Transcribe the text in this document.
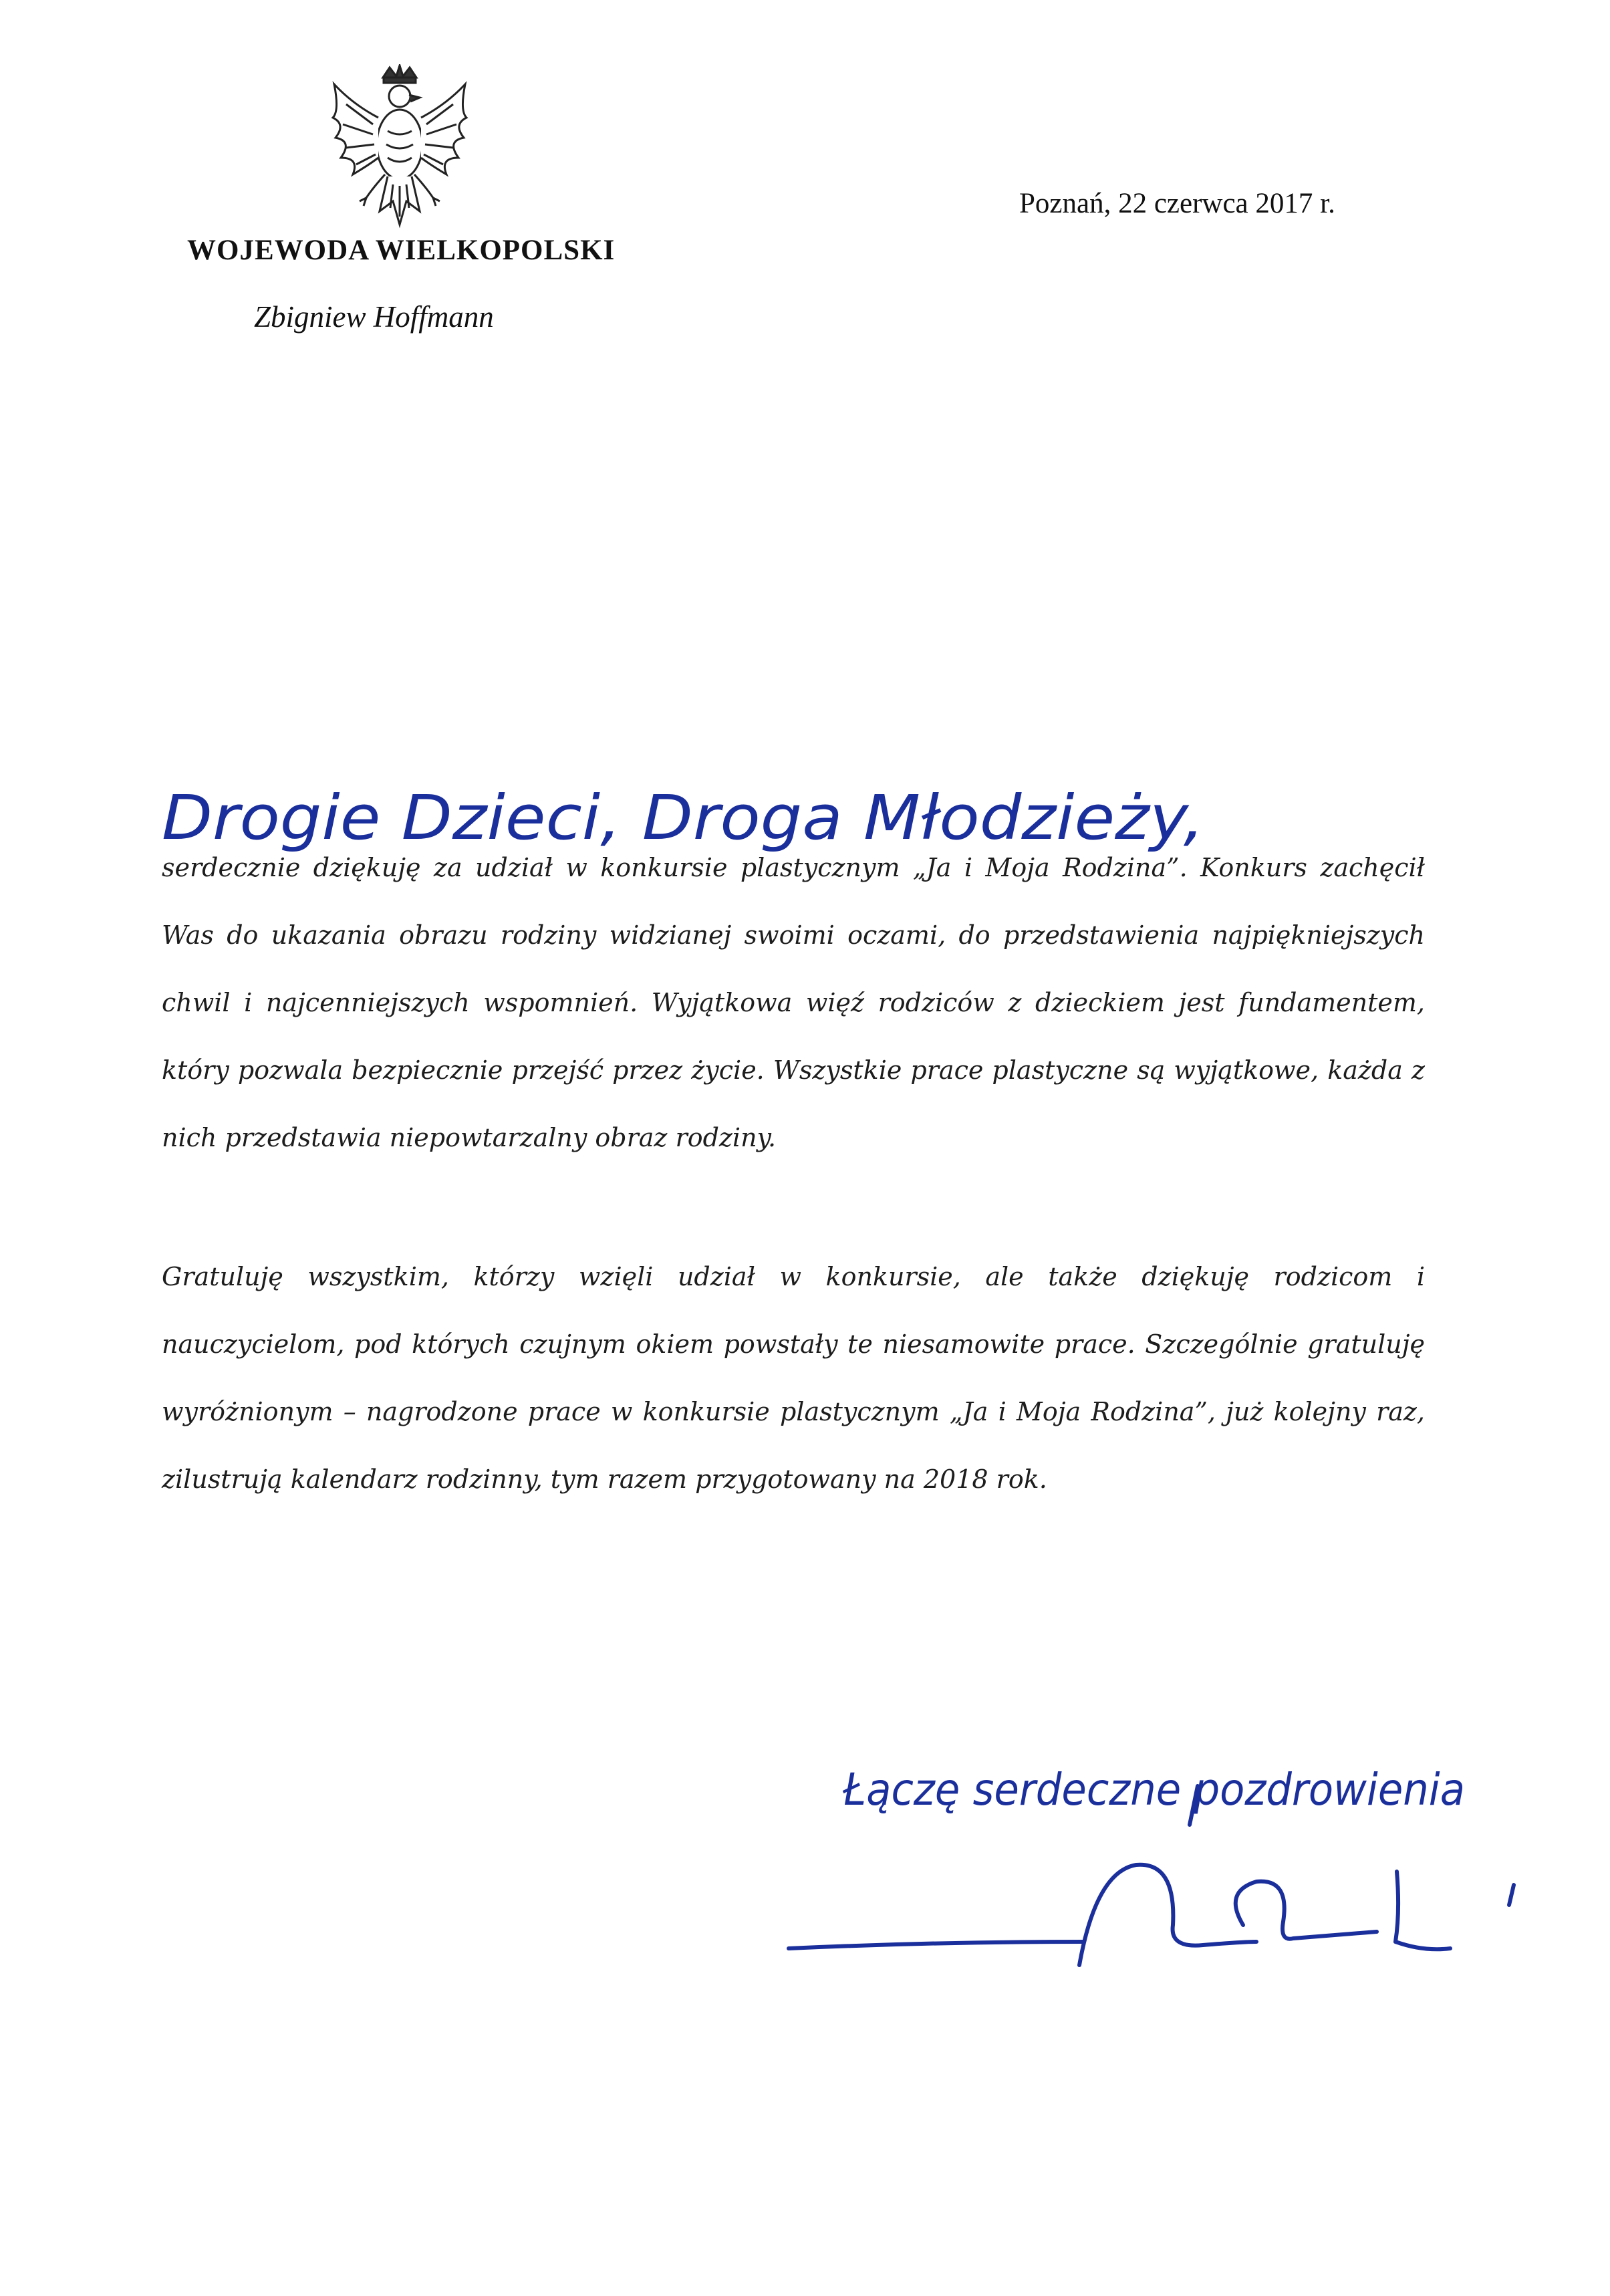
WOJEWODA WIELKOPOLSKI
Zbigniew Hoffmann
Poznań, 22 czerwca 2017 r.
Drogie Dzieci, Droga Młodzieży,
serdecznie dziękuję za udział w konkursie plastycznym „Ja i Moja Rodzina”. Konkurs zachęcił Was do ukazania obrazu rodziny widzianej swoimi oczami, do przedstawienia najpiękniejszych chwil i najcenniejszych wspomnień. Wyjątkowa więź rodziców z dzieckiem jest fundamentem, który pozwala bezpiecznie przejść przez życie. Wszystkie prace plastyczne są wyjątkowe, każda z nich przedstawia niepowtarzalny obraz rodziny.
Gratuluję wszystkim, którzy wzięli udział w konkursie, ale także dziękuję rodzicom i nauczycielom, pod których czujnym okiem powstały te niesamowite prace. Szczególnie gratuluję wyróżnionym – nagrodzone prace w konkursie plastycznym „Ja i Moja Rodzina”, już kolejny raz, zilustrują kalendarz rodzinny, tym razem przygotowany na 2018 rok.
Łączę serdeczne pozdrowienia
